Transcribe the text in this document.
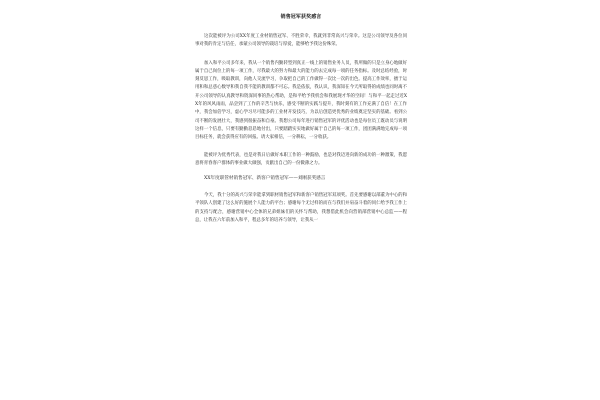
销售冠军获奖感言

这次能被评为公司XX年度工业材销售冠军、不胜荣幸，我就到非常高兴与荣幸。这是公司领导及各位同事对我的肯定与信任，承蒙公司领导的栽培与厚爱，能够给予我这份殊荣。

加入和平公司多年来，我从一个销售内勤转型到真正一线上的销售业务人员，我所做的只是立身心地做好属于自己岗位上的每一项工作，尽我最大的努力和最大的能力的去完成每一项的任务指标。及时总结经验，时刻反思工作，吸取教训，向他人交流学习，争取把自己的工作做得一次比一次的出色。提高工作效率，擅于运用和和总惑心数导和我自我不能的教训都不可忘。我是依依，我认识，我深知在今天所取得的成绩也同时离不开公司领导的认真教导和资深同事的热心帮助，是和平给予我机会和我展现才华的空间！与和平一起走过近XX年的风风雨雨，品尝到了工作的辛苦与快乐，感受不断的实践与提升，我时刻有的工作充满了自信！在工作中，我会加倍学习，虚心学习尽可能多的工业材开发技巧，为以后创造更优秀的业绩奠定坚实的基础。看到公司不断的发展壮大，我感到很振奋和自豪。我想公司每年进行销售冠军的评优活动也是每位员工既动员与说明这样一个信息，只要有勤勤恳恳地付出，只要踏踏实实地做好属于自己的每一项工作，团团满满地完成每一项目标任务，就会获得应有的回报。请大家相信，一分耕耘，一分收获。

能被评为优秀代表，也是对我日后做好本职工作的一种鼓励，也是对我迈进向新的成功的一种激策，我愿意将青春客户群体的事业做大做强，贡献出自己的一份微薄之力。

XX年度职管材销售冠军、新客户销售冠军——刘刚获奖感言

今天，我十分的高兴与荣幸能拿到职材销售冠军和新客户销售冠军双项奖。首先要感谢以部董为中心的和平领队人创建了这么好的施展个人能力的平台；感谢每个无过样的而在与我们并肩奋斗着的同仁给予我工作上的支持与配合，感谢营销中心全体的兄弟姐妹们的关怀与帮助，我想借此机会向营销部营销中心总监——程总，让我在六年前加入和平，程总多年的培养与领导，让我从一
